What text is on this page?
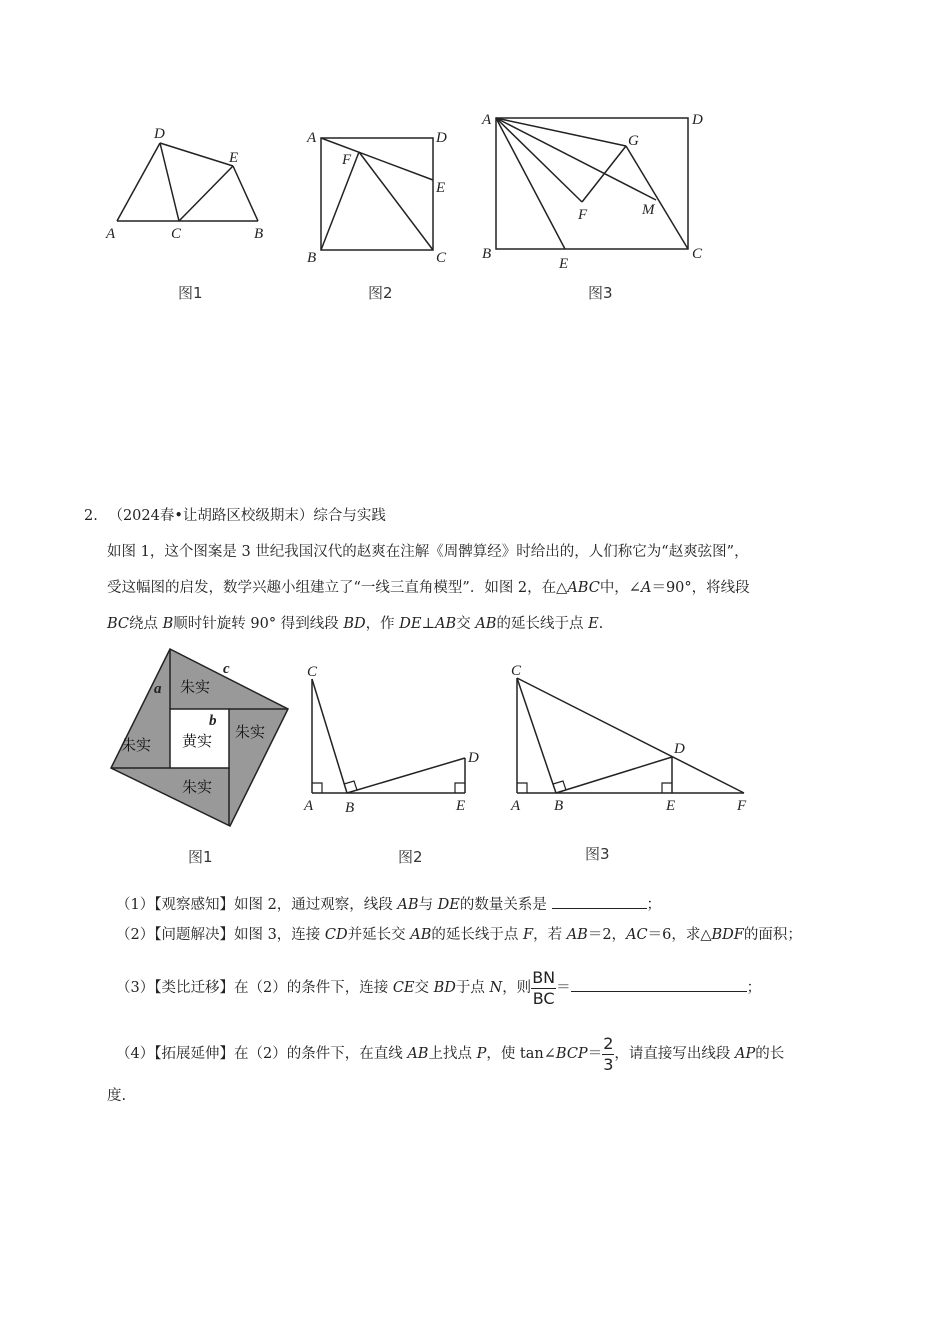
A	C	B
D
E
图1
A	D
F
E
B	C
图2
A	D
G
F	M
B
E
C
图3
2. （2024春•让胡路区校级期末）综合与实践
如图 1，这个图案是 3 世纪我国汉代的赵爽在注解《周髀算经》时给出的，人们称它为“赵爽弦图”，
受这幅图的启发，数学兴趣小组建立了“一线三直角模型”．如图 2，在△ABC中，∠A＝90°，将线段
BC绕点 B顺时针旋转 90° 得到线段 BD，作 DE⊥AB交 AB的延长线于点 E.
朱实
朱实
朱实
朱实
黄实
a
b
c
图1
C
A B	E
D
图2
C
A B	E
D
F
图3
（1）【观察感知】如图 2，通过观察，线段 AB与 DE的数量关系是	；
（2）【问题解决】如图 3，连接 CD并延长交 AB的延长线于点 F，若 AB＝2，AC＝6，求△BDF的面积；
（3）【类比迁移】在（2）的条件下，连接 CE交 BD于点 N，则 $\frac{BN}{BC}$ ＝	；
（4）【拓展延伸】在（2）的条件下，在直线 AB上找点 P，使 tan∠BCP＝ $\frac{2}{3}$ ，请直接写出线段 AP的长
度.
